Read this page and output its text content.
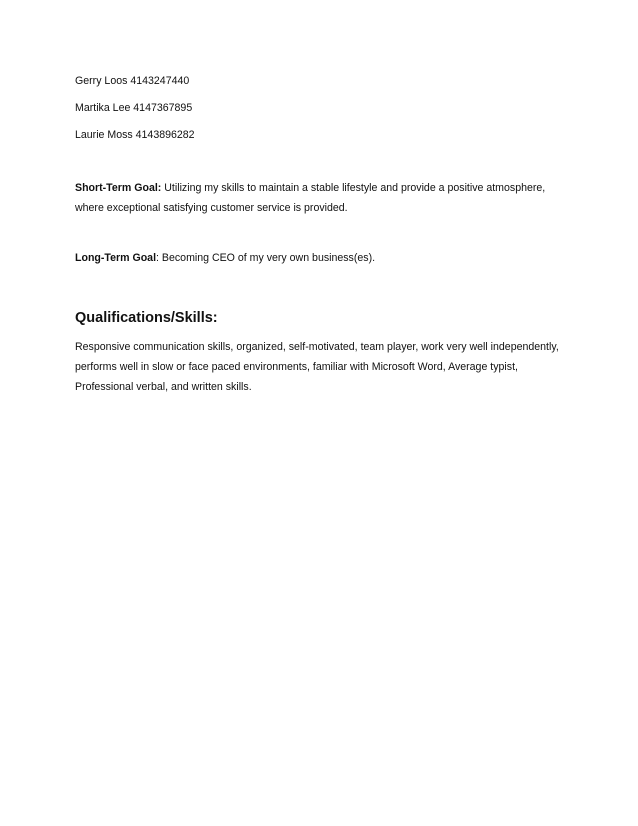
Gerry Loos 4143247440
Martika Lee 4147367895
Laurie Moss 4143896282
Short-Term Goal: Utilizing my skills to maintain a stable lifestyle and provide a positive atmosphere, where exceptional satisfying customer service is provided.
Long-Term Goal: Becoming CEO of my very own business(es).
Qualifications/Skills:
Responsive communication skills, organized, self-motivated, team player, work very well independently, performs well in slow or face paced environments, familiar with Microsoft Word, Average typist, Professional verbal, and written skills.
